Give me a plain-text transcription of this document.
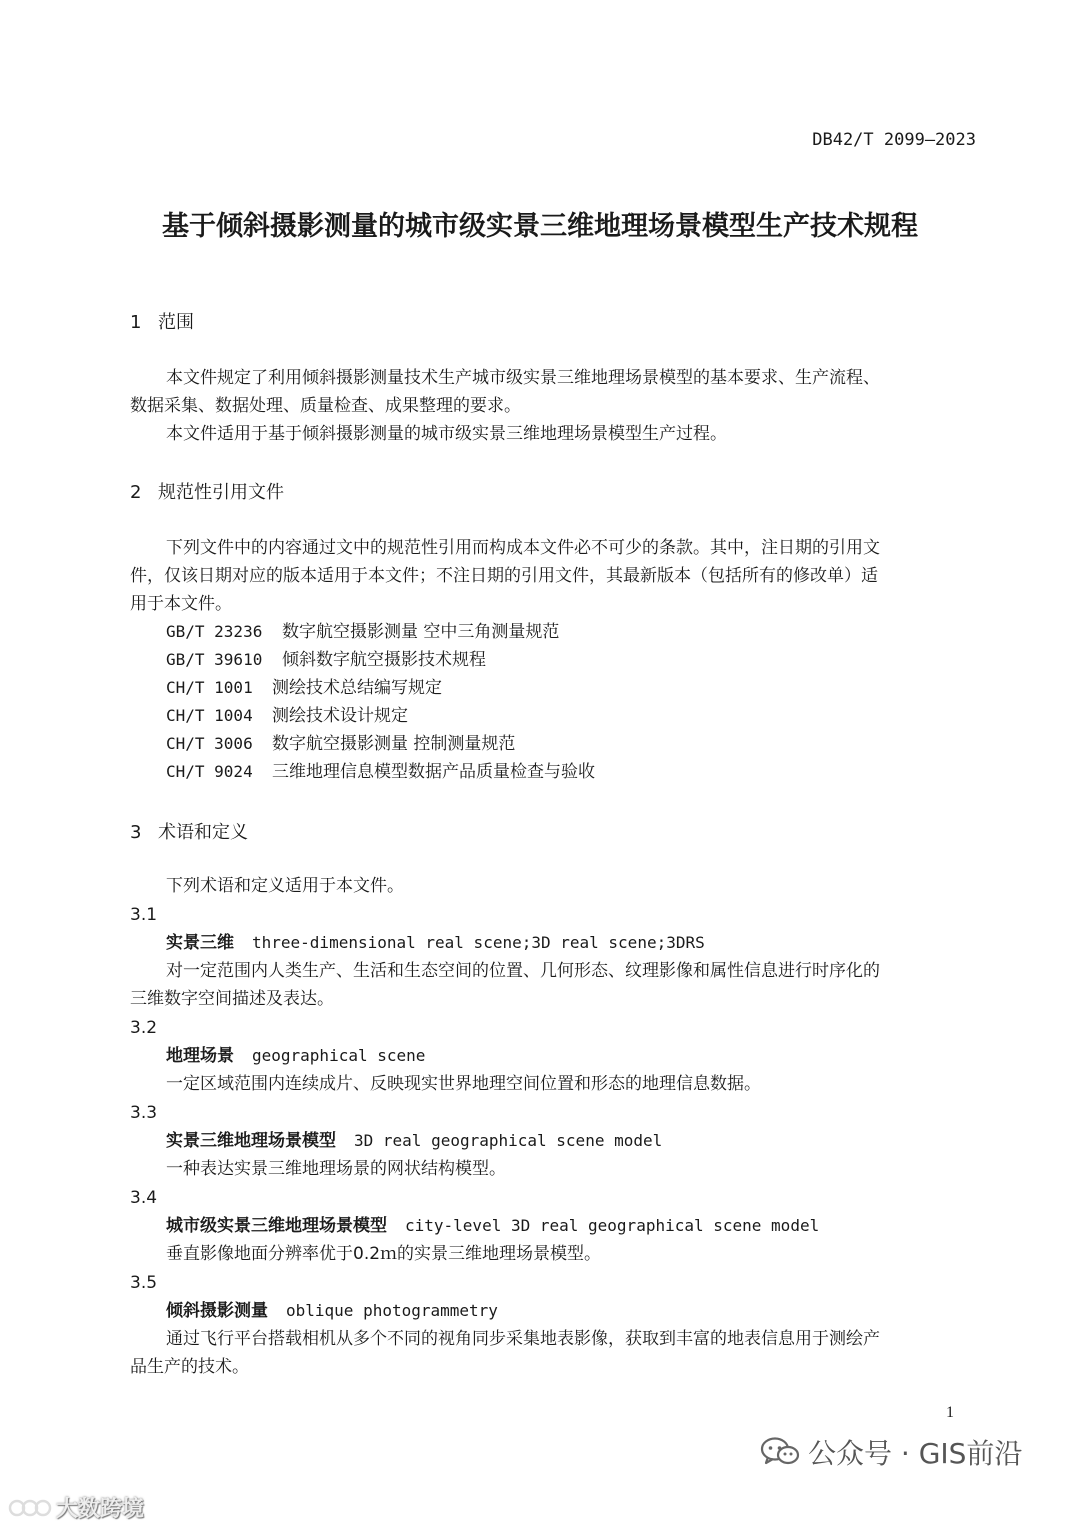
DB42/T 2099—2023
基于倾斜摄影测量的城市级实景三维地理场景模型生产技术规程
1 范围
本文件规定了利用倾斜摄影测量技术生产城市级实景三维地理场景模型的基本要求、生产流程、
数据采集、数据处理、质量检查、成果整理的要求。
本文件适用于基于倾斜摄影测量的城市级实景三维地理场景模型生产过程。
2 规范性引用文件
下列文件中的内容通过文中的规范性引用而构成本文件必不可少的条款。其中，注日期的引用文
件，仅该日期对应的版本适用于本文件；不注日期的引用文件，其最新版本（包括所有的修改单）适
用于本文件。
GB/T 23236 数字航空摄影测量 空中三角测量规范
GB/T 39610 倾斜数字航空摄影技术规程
CH/T 1001 测绘技术总结编写规定
CH/T 1004 测绘技术设计规定
CH/T 3006 数字航空摄影测量 控制测量规范
CH/T 9024 三维地理信息模型数据产品质量检查与验收
3 术语和定义
下列术语和定义适用于本文件。
3.1
实景三维 three-dimensional real scene;3D real scene;3DRS
对一定范围内人类生产、生活和生态空间的位置、几何形态、纹理影像和属性信息进行时序化的
三维数字空间描述及表达。
3.2
地理场景 geographical scene
一定区域范围内连续成片、反映现实世界地理空间位置和形态的地理信息数据。
3.3
实景三维地理场景模型 3D real geographical scene model
一种表达实景三维地理场景的网状结构模型。
3.4
城市级实景三维地理场景模型 city-level 3D real geographical scene model
垂直影像地面分辨率优于0.2ｍ的实景三维地理场景模型。
3.5
倾斜摄影测量 oblique photogrammetry
通过飞行平台搭载相机从多个不同的视角同步采集地表影像，获取到丰富的地表信息用于测绘产
品生产的技术。
1
公众号 · GIS前沿
大数跨境
